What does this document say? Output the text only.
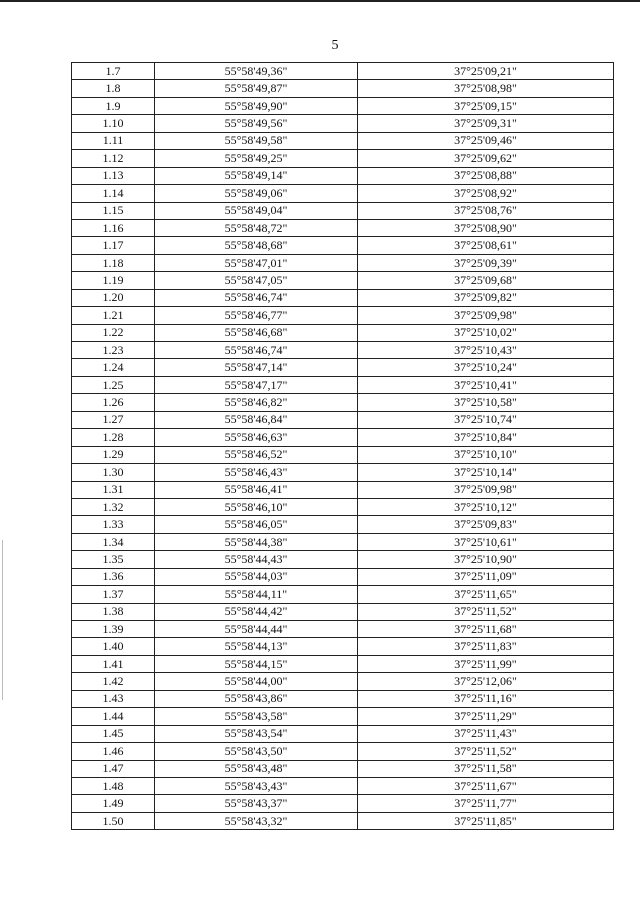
5
1.7	55°58'49,36"	37°25'09,21"
1.8	55°58'49,87"	37°25'08,98"
1.9	55°58'49,90"	37°25'09,15"
1.10	55°58'49,56"	37°25'09,31"
1.11	55°58'49,58"	37°25'09,46"
1.12	55°58'49,25"	37°25'09,62"
1.13	55°58'49,14"	37°25'08,88"
1.14	55°58'49,06"	37°25'08,92"
1.15	55°58'49,04"	37°25'08,76"
1.16	55°58'48,72"	37°25'08,90"
1.17	55°58'48,68"	37°25'08,61"
1.18	55°58'47,01"	37°25'09,39"
1.19	55°58'47,05"	37°25'09,68"
1.20	55°58'46,74"	37°25'09,82"
1.21	55°58'46,77"	37°25'09,98"
1.22	55°58'46,68"	37°25'10,02"
1.23	55°58'46,74"	37°25'10,43"
1.24	55°58'47,14"	37°25'10,24"
1.25	55°58'47,17"	37°25'10,41"
1.26	55°58'46,82"	37°25'10,58"
1.27	55°58'46,84"	37°25'10,74"
1.28	55°58'46,63"	37°25'10,84"
1.29	55°58'46,52"	37°25'10,10"
1.30	55°58'46,43"	37°25'10,14"
1.31	55°58'46,41"	37°25'09,98"
1.32	55°58'46,10"	37°25'10,12"
1.33	55°58'46,05"	37°25'09,83"
1.34	55°58'44,38"	37°25'10,61"
1.35	55°58'44,43"	37°25'10,90"
1.36	55°58'44,03"	37°25'11,09"
1.37	55°58'44,11"	37°25'11,65"
1.38	55°58'44,42"	37°25'11,52"
1.39	55°58'44,44"	37°25'11,68"
1.40	55°58'44,13"	37°25'11,83"
1.41	55°58'44,15"	37°25'11,99"
1.42	55°58'44,00"	37°25'12,06"
1.43	55°58'43,86"	37°25'11,16"
1.44	55°58'43,58"	37°25'11,29"
1.45	55°58'43,54"	37°25'11,43"
1.46	55°58'43,50"	37°25'11,52"
1.47	55°58'43,48"	37°25'11,58"
1.48	55°58'43,43"	37°25'11,67"
1.49	55°58'43,37"	37°25'11,77"
1.50	55°58'43,32"	37°25'11,85"
